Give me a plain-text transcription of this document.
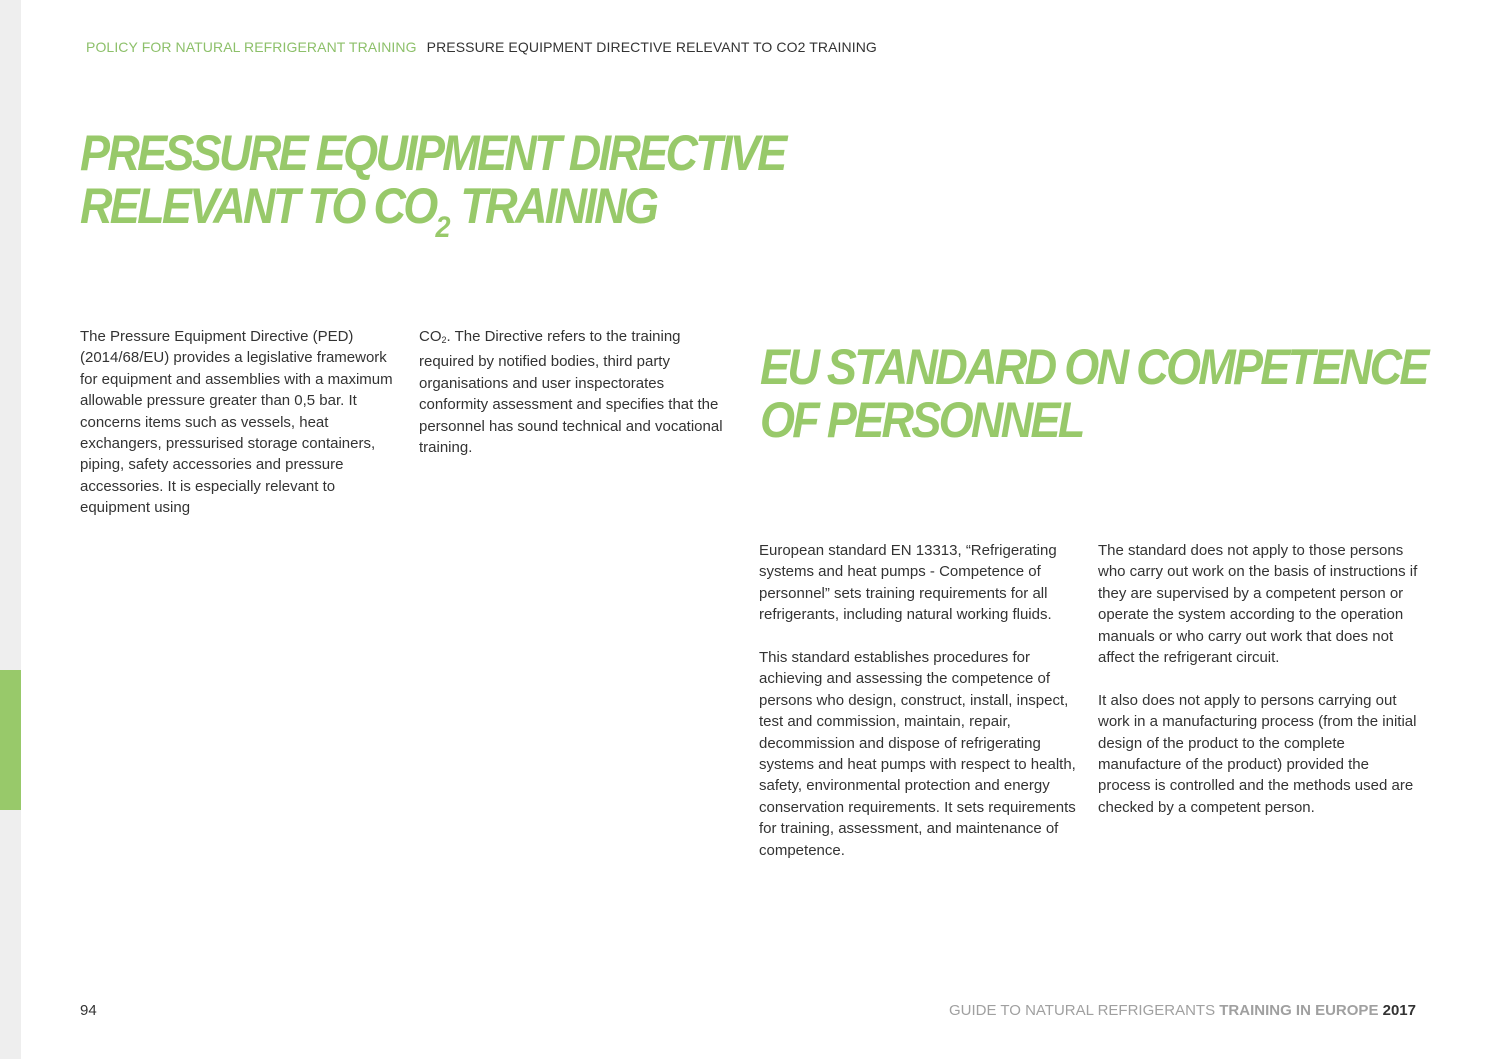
POLICY FOR NATURAL REFRIGERANT TRAINING PRESSURE EQUIPMENT DIRECTIVE RELEVANT TO CO2 TRAINING
PRESSURE EQUIPMENT DIRECTIVE
RELEVANT TO $CO_2$ TRAINING

The Pressure Equipment Directive (PED) (2014/68/EU) provides a legislative framework for equipment and assemblies with a maximum allowable pressure greater than 0,5 bar. It concerns items such as vessels, heat exchangers, pressurised storage containers, piping, safety accessories and pressure accessories. It is especially relevant to equipment using

$CO_2$. The Directive refers to the training required by notified bodies, third party organisations and user inspectorates conformity assessment and specifies that the personnel has sound technical and vocational training.

EU STANDARD ON COMPETENCE
OF PERSONNEL

European standard EN 13313, “Refrigerating systems and heat pumps - Competence of personnel” sets training requirements for all refrigerants, including natural working fluids.

This standard establishes procedures for achieving and assessing the competence of persons who design, construct, install, inspect, test and commission, maintain, repair, decommission and dispose of refrigerating systems and heat pumps with respect to health, safety, environmental protection and energy conservation requirements. It sets requirements for training, assessment, and maintenance of competence.

The standard does not apply to those persons who carry out work on the basis of instructions if they are supervised by a competent person or operate the system according to the operation manuals or who carry out work that does not affect the refrigerant circuit.

It also does not apply to persons carrying out work in a manufacturing process (from the initial design of the product to the complete manufacture of the product) provided the process is controlled and the methods used are checked by a competent person.

94	GUIDE TO NATURAL REFRIGERANTS TRAINING IN EUROPE 2017
